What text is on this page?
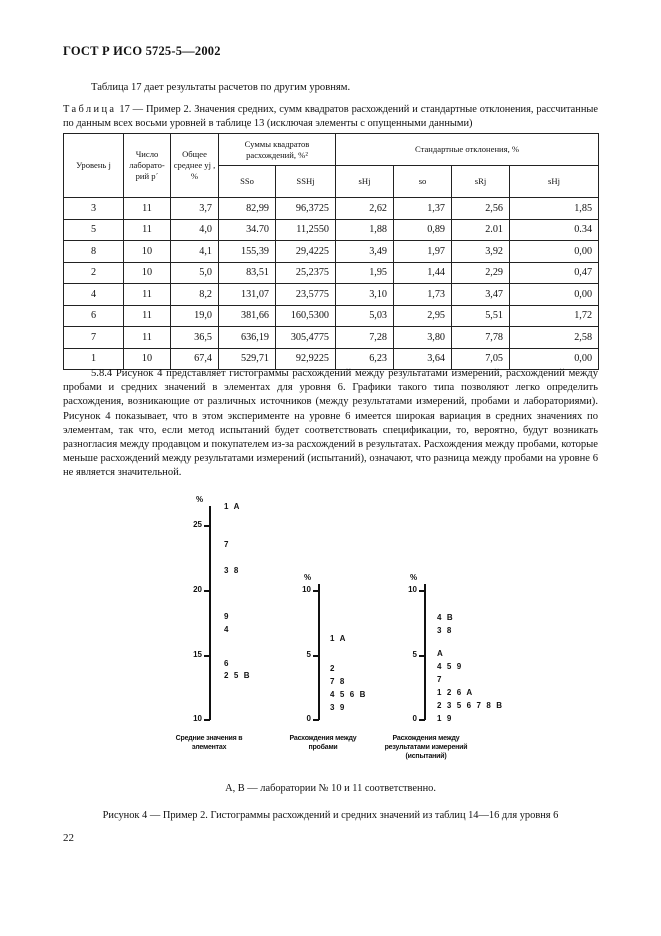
ГОСТ Р ИСО 5725-5—2002
Таблица 17 дает результаты расчетов по другим уровням.
Таблица 17 — Пример 2. Значения средних, сумм квадратов расхождений и стандартные отклонения, рассчитанные по данным всех восьми уровней в таблице 13 (исключая элементы с опущенными данными)
Уровень j	Число лаборато-рий p´	Общее среднее yj , %	Суммы квадратов расхождений, %²		Стандартные отклонения, %			
			SSo	SSHj	sHj	so	sRj	sHj
3	11	3,7	82,99	96,3725	2,62	1,37	2,56	1,85
5	11	4,0	34.70	11,2550	1,88	0,89	2.01	0.34
8	10	4,1	155,39	29,4225	3,49	1,97	3,92	0,00
2	10	5,0	83,51	25,2375	1,95	1,44	2,29	0,47
4	11	8,2	131,07	23,5775	3,10	1,73	3,47	0,00
6	11	19,0	381,66	160,5300	5,03	2,95	5,51	1,72
7	11	36,5	636,19	305,4775	7,28	3,80	7,78	2,58
1	10	67,4	529,71	92,9225	6,23	3,64	7,05	0,00
5.8.4 Рисунок 4 представляет гистограммы расхождений между результатами измерений, расхождений между пробами и средних значений в элементах для уровня 6. Графики такого типа позволяют легко определить расхождения, возникающие от различных источников (между результатами измерений, пробами и лабораториями). Рисунок 4 показывает, что в этом эксперименте на уровне 6 имеется широкая вариация в средних значениях по элементам, так что, если метод испытаний будет соответствовать спецификации, то, вероятно, будут возникать разногласия между продавцом и покупателем из-за расхождений в результатах. Расхождения между пробами, которые меньше расхождений между результатами измерений (испытаний), означают, что разница между пробами на уровне 6 не является значительной.
%
25
20
15
10
1 A
7
3 8
9
4
6
2 5 B
Средние значения в элементах
%
10
5
0
1 A
2
7 8
4 5 6 B
3 9
Расхождения между пробами
%
10
5
0
4 B
3 8
A
4 5 9
7
1 2 6 A
2 3 5 6 7 8 B
1 9
Расхождения между результатами измерений (испытаний)
А, В — лаборатории № 10 и 11 соответственно.
Рисунок 4 — Пример 2. Гистограммы расхождений и средних значений из таблиц 14—16 для уровня 6
22
